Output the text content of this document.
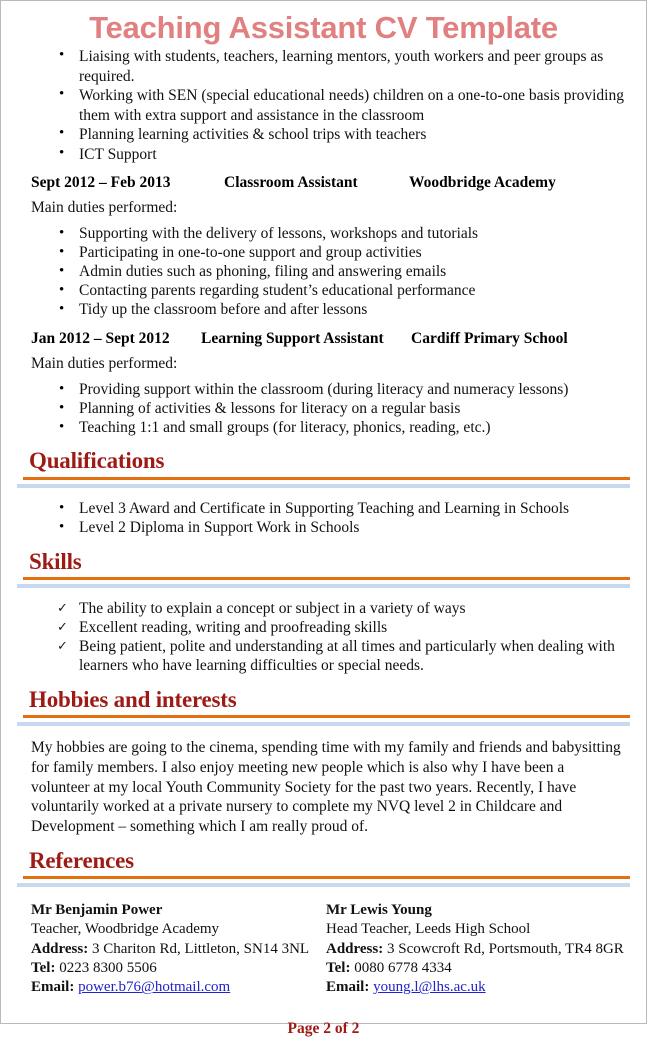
Teaching Assistant CV Template
• Liaising with students, teachers, learning mentors, youth workers and peer groups as required.
• Working with SEN (special educational needs) children on a one-to-one basis providing them with extra support and assistance in the classroom
• Planning learning activities & school trips with teachers
• ICT Support
Sept 2012 – Feb 2013	Classroom Assistant	Woodbridge Academy
Main duties performed:
• Supporting with the delivery of lessons, workshops and tutorials
• Participating in one-to-one support and group activities
• Admin duties such as phoning, filing and answering emails
• Contacting parents regarding student’s educational performance
• Tidy up the classroom before and after lessons
Jan 2012 – Sept 2012 Learning Support Assistant Cardiff Primary School
Main duties performed:
• Providing support within the classroom (during literacy and numeracy lessons)
• Planning of activities & lessons for literacy on a regular basis
• Teaching 1:1 and small groups (for literacy, phonics, reading, etc.)
Qualifications
• Level 3 Award and Certificate in Supporting Teaching and Learning in Schools
• Level 2 Diploma in Support Work in Schools
Skills
✓ The ability to explain a concept or subject in a variety of ways
✓ Excellent reading, writing and proofreading skills
✓ Being patient, polite and understanding at all times and particularly when dealing with learners who have learning difficulties or special needs.
Hobbies and interests
My hobbies are going to the cinema, spending time with my family and friends and babysitting for family members. I also enjoy meeting new people which is also why I have been a volunteer at my local Youth Community Society for the past two years. Recently, I have voluntarily worked at a private nursery to complete my NVQ level 2 in Childcare and Development – something which I am really proud of.
References
Mr Benjamin Power
Teacher, Woodbridge Academy
Address: 3 Chariton Rd, Littleton, SN14 3NL
Tel: 0223 8300 5506
Email: power.b76@hotmail.com
Mr Lewis Young
Head Teacher, Leeds High School
Address: 3 Scowcroft Rd, Portsmouth, TR4 8GR
Tel: 0080 6778 4334
Email: young.l@lhs.ac.uk
Page 2 of 2
